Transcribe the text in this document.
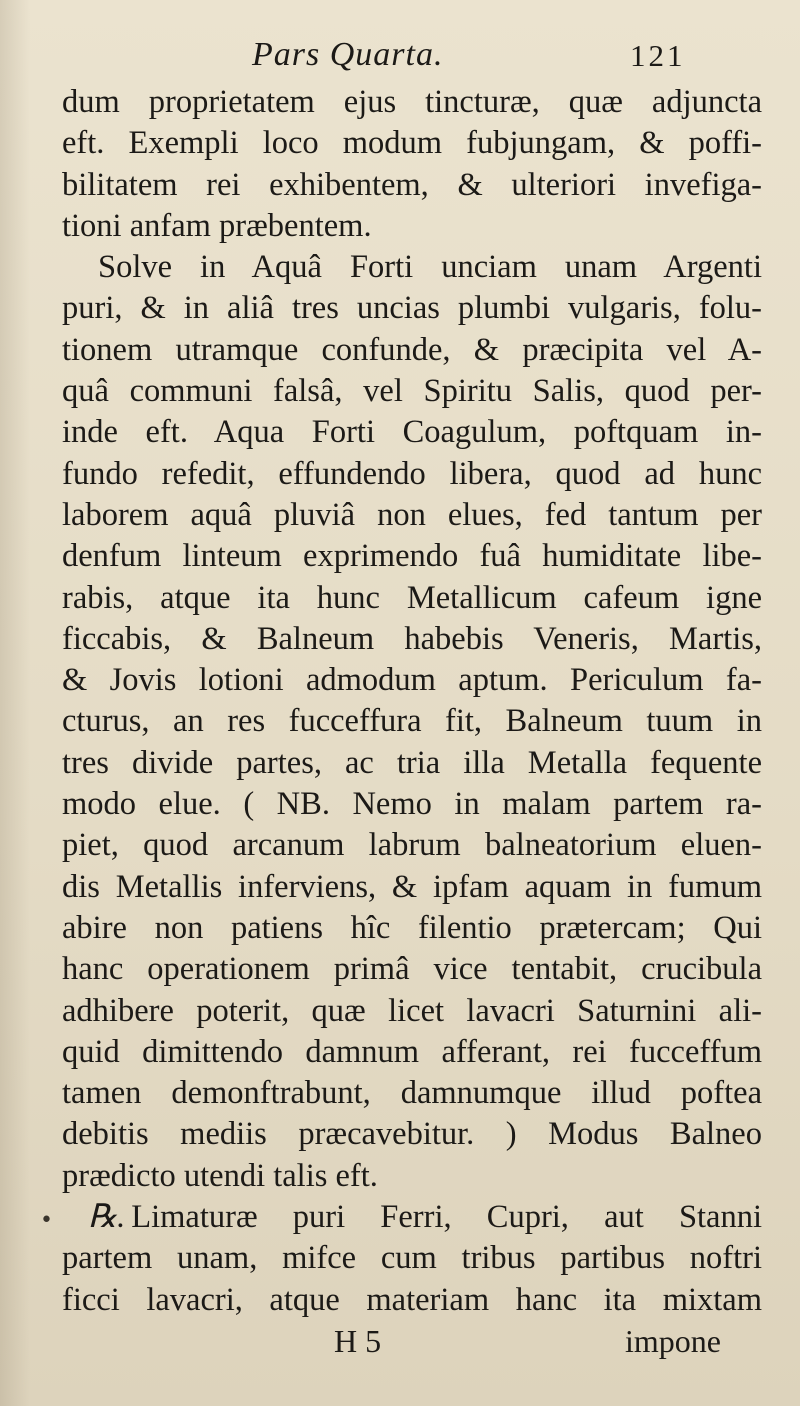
Pars Quarta.	121
dum proprietatem ejus tincturæ, quæ adjuncta
eft. Exempli loco modum fubjungam, & poffi-
bilitatem rei exhibentem, & ulteriori invefiga-
tioni anfam præbentem.
Solve in Aquâ Forti unciam unam Argenti
puri, & in aliâ tres uncias plumbi vulgaris, folu-
tionem utramque confunde, & præcipita vel A-
quâ communi falsâ, vel Spiritu Salis, quod per-
inde eft. Aqua Forti Coagulum, poftquam in-
fundo refedit, effundendo libera, quod ad hunc
laborem aquâ pluviâ non elues, fed tantum per
denfum linteum exprimendo fuâ humiditate libe-
rabis, atque ita hunc Metallicum cafeum igne
ficcabis, & Balneum habebis Veneris, Martis,
& Jovis lotioni admodum aptum. Periculum fa-
cturus, an res fucceffura fit, Balneum tuum in
tres divide partes, ac tria illa Metalla fequente
modo elue. ( NB. Nemo in malam partem ra-
piet, quod arcanum labrum balneatorium eluen-
dis Metallis inferviens, & ipfam aquam in fumum
abire non patiens hîc filentio prætercam; Qui
hanc operationem primâ vice tentabit, crucibula
adhibere poterit, quæ licet lavacri Saturnini ali-
quid dimittendo damnum afferant, rei fucceffum
tamen demonftrabunt, damnumque illud poftea
debitis mediis præcavebitur. ) Modus Balneo
prædicto utendi talis eft.
℞. Limaturæ puri Ferri, Cupri, aut Stanni
partem unam, mifce cum tribus partibus noftri
ficci lavacri, atque materiam hanc ita mixtam
H 5	impone
•
